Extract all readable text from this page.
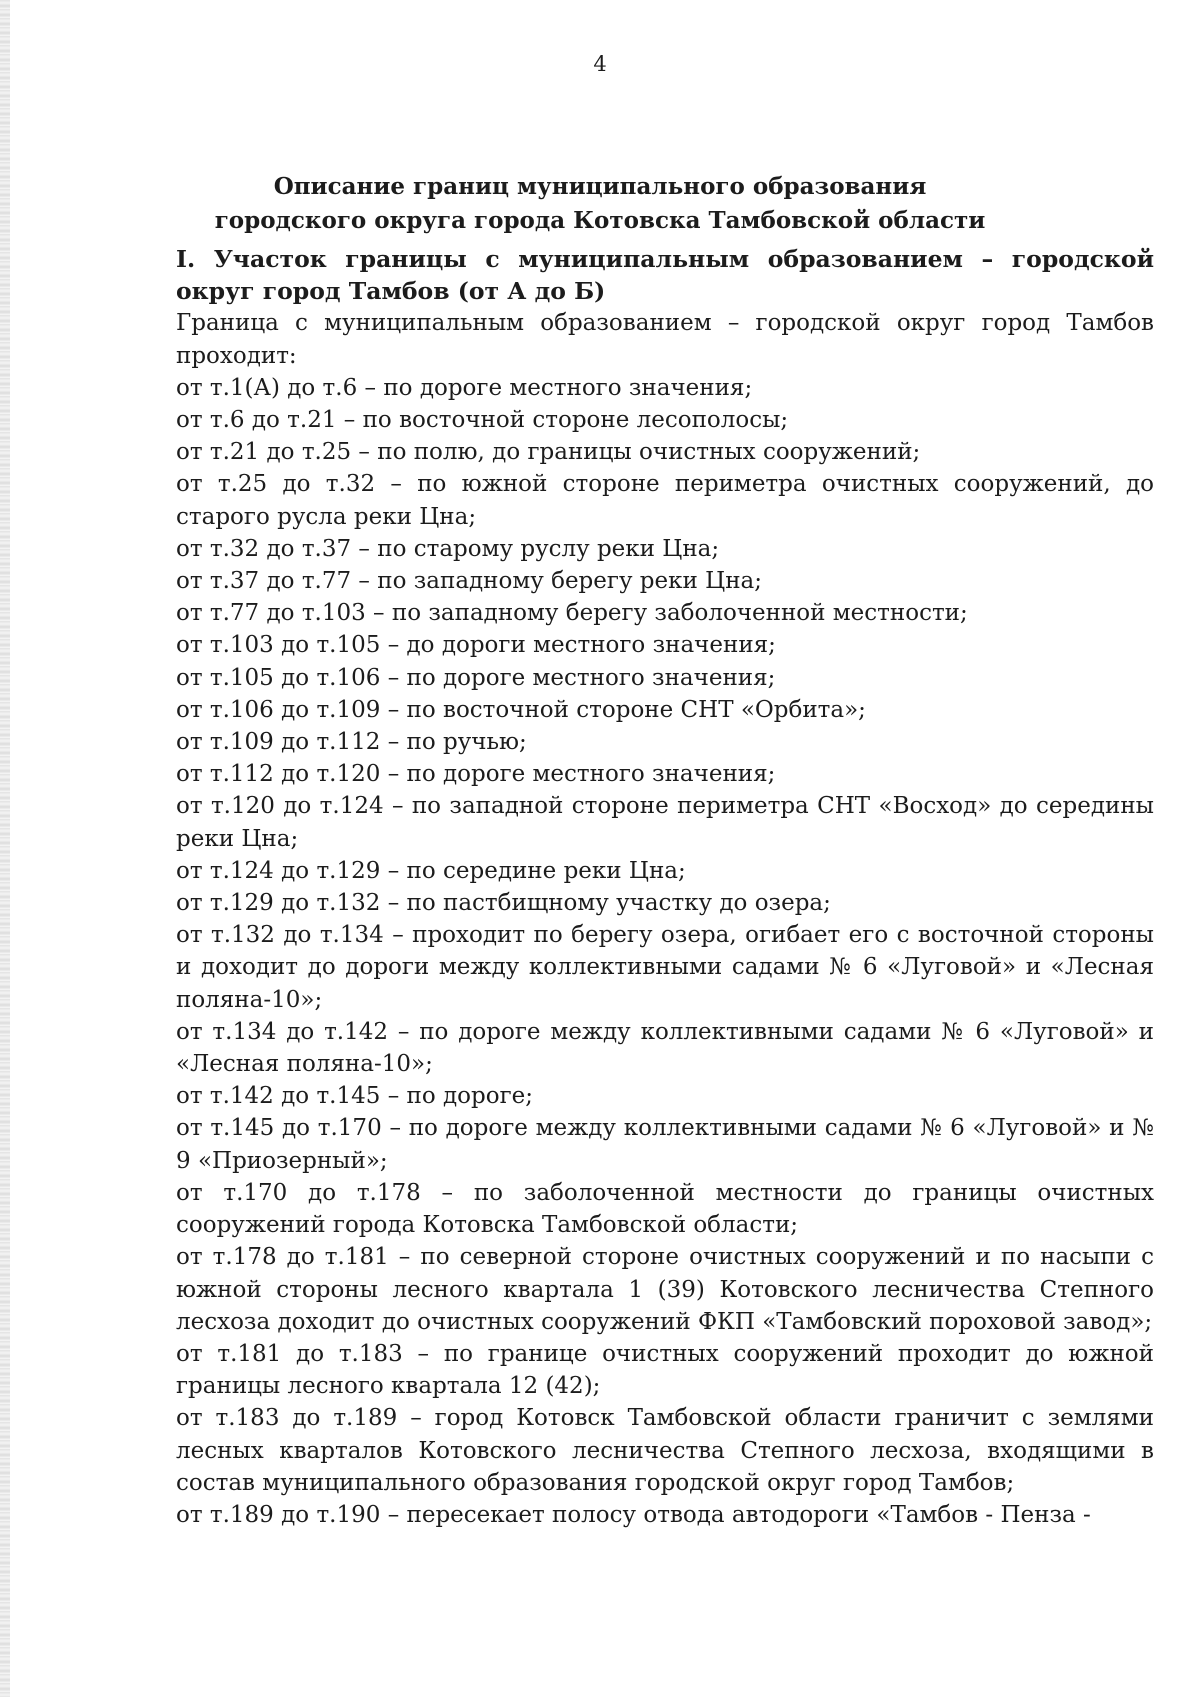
4
Описание границ муниципального образования
городского округа города Котовска Тамбовской области

I. Участок границы с муниципальным образованием – городской округ город Тамбов (от А до Б)

Граница с муниципальным образованием – городской округ город Тамбов проходит:

от т.1(А) до т.6 – по дороге местного значения;

от т.6 до т.21 – по восточной стороне лесополосы;

от т.21 до т.25 – по полю, до границы очистных сооружений;

от т.25 до т.32 – по южной стороне периметра очистных сооружений, до старого русла реки Цна;

от т.32 до т.37 – по старому руслу реки Цна;

от т.37 до т.77 – по западному берегу реки Цна;

от т.77 до т.103 – по западному берегу заболоченной местности;

от т.103 до т.105 – до дороги местного значения;

от т.105 до т.106 – по дороге местного значения;

от т.106 до т.109 – по восточной стороне СНТ «Орбита»;

от т.109 до т.112 – по ручью;

от т.112 до т.120 – по дороге местного значения;

от т.120 до т.124 – по западной стороне периметра СНТ «Восход» до середины реки Цна;

от т.124 до т.129 – по середине реки Цна;

от т.129 до т.132 – по пастбищному участку до озера;

от т.132 до т.134 – проходит по берегу озера, огибает его с восточной стороны и доходит до дороги между коллективными садами № 6 «Луговой» и «Лесная поляна-10»;

от т.134 до т.142 – по дороге между коллективными садами № 6 «Луговой» и «Лесная поляна-10»;

от т.142 до т.145 – по дороге;

от т.145 до т.170 – по дороге между коллективными садами № 6 «Луговой» и № 9 «Приозерный»;

от т.170 до т.178 – по заболоченной местности до границы очистных сооружений города Котовска Тамбовской области;

от т.178 до т.181 – по северной стороне очистных сооружений и по насыпи с южной стороны лесного квартала 1 (39) Котовского лесничества Степного лесхоза доходит до очистных сооружений ФКП «Тамбовский пороховой завод»;

от т.181 до т.183 – по границе очистных сооружений проходит до южной границы лесного квартала 12 (42);

от т.183 до т.189 – город Котовск Тамбовской области граничит с землями лесных кварталов Котовского лесничества Степного лесхоза, входящими в состав муниципального образования городской округ город Тамбов;

от т.189 до т.190 – пересекает полосу отвода автодороги «Тамбов - Пенза -
